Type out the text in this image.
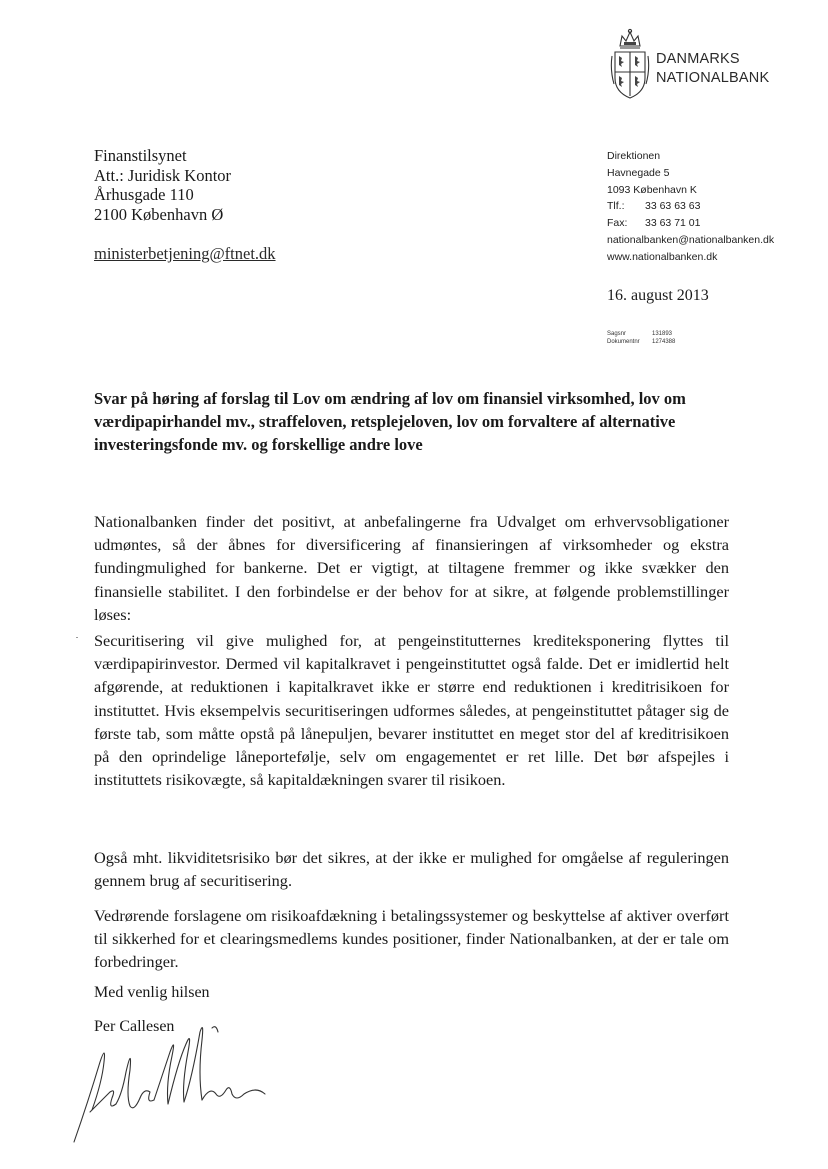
DANMARKS
NATIONALBANK
Finanstilsynet
Att.: Juridisk Kontor
Århusgade 110
2100 København Ø
ministerbetjening@ftnet.dk
Direktionen
Havnegade 5
1093 København K
Tlf.: 33 63 63 63
Fax: 33 63 71 01
nationalbanken@nationalbanken.dk
www.nationalbanken.dk
16. august 2013
Sagsnr	131893
Dokumentnr 1274388
Svar på høring af forslag til Lov om ændring af lov om finansiel virksomhed, lov om værdipapirhandel mv., straffeloven, retsplejeloven, lov om forvaltere af alternative investeringsfonde mv. og forskellige andre love
Nationalbanken finder det positivt, at anbefalingerne fra Udvalget om erhvervsobligationer udmøntes, så der åbnes for diversificering af finansieringen af virksomheder og ekstra fundingmulighed for bankerne. Det er vigtigt, at tiltagene fremmer og ikke svækker den finansielle stabilitet. I den forbindelse er der behov for at sikre, at følgende problemstillinger løses:
Securitisering vil give mulighed for, at pengeinstitutternes krediteksponering flyttes til værdipapirinvestor. Dermed vil kapitalkravet i pengeinstituttet også falde. Det er imidlertid helt afgørende, at reduktionen i kapitalkravet ikke er større end reduktionen i kreditrisikoen for instituttet. Hvis eksempelvis securitiseringen udformes således, at pengeinstituttet påtager sig de første tab, som måtte opstå på lånepuljen, bevarer instituttet en meget stor del af kreditrisikoen på den oprindelige låneportefølje, selv om engagementet er ret lille. Det bør afspejles i instituttets risikovægte, så kapitaldækningen svarer til risikoen.
Også mht. likviditetsrisiko bør det sikres, at der ikke er mulighed for omgåelse af reguleringen gennem brug af securitisering.
Vedrørende forslagene om risikoafdækning i betalingssystemer og beskyttelse af aktiver overført til sikkerhed for et clearingsmedlems kundes positioner, finder Nationalbanken, at der er tale om forbedringer.
Med venlig hilsen
Per Callesen
